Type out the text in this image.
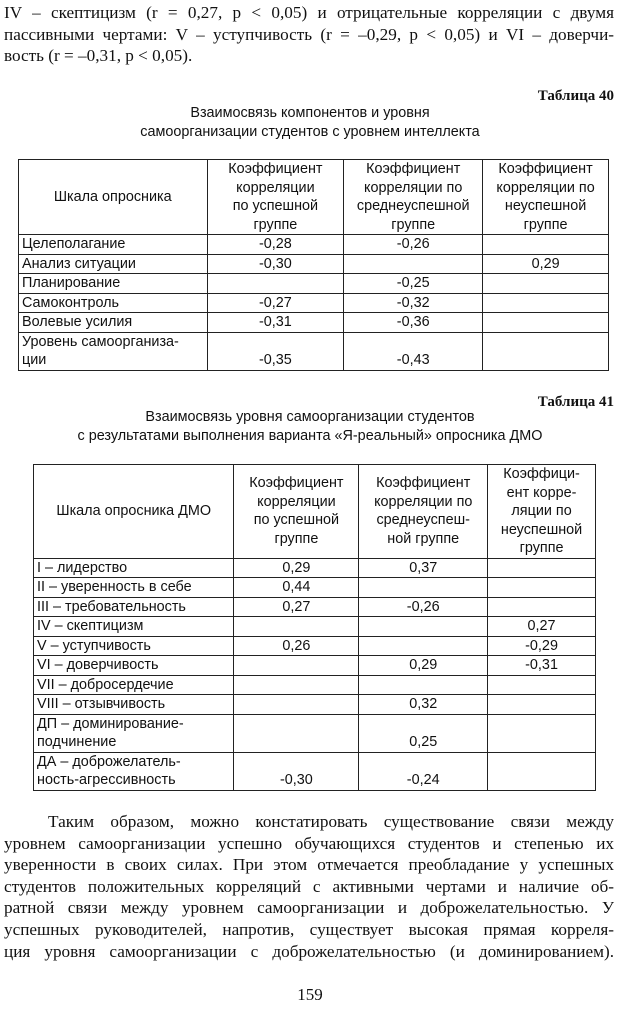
IV – скептицизм (r = 0,27, p < 0,05) и отрицательные корреляции с двумя
пассивными чертами: V – уступчивость (r = –0,29, p < 0,05) и VI – доверчи-
вость (r = –0,31, p < 0,05).
Таблица 40
Взаимосвязь компонентов и уровня
самоорганизации студентов с уровнем интеллекта
Шкала опросника	Коэффициент
корреляции
по успешной
группе	Коэффициент
корреляции по
среднеуспешной
группе	Коэффициент
корреляции по
неуспешной
группе

Целеполагание	-0,28	-0,26	
Анализ ситуации	-0,30		0,29
Планирование		-0,25	
Самоконтроль	-0,27	-0,32	
Волевые усилия	-0,31	-0,36	
Уровень самоорганиза-
ции	-0,35	-0,43	
Таблица 41
Взаимосвязь уровня самоорганизации студентов
с результатами выполнения варианта «Я-реальный» опросника ДМО
Шкала опросника ДМО	Коэффициент
корреляции
по успешной
группе	Коэффициент
корреляции по
среднеуспеш-
ной группе	Коэффици-
ент корре-
ляции по
неуспешной
группе

I – лидерство	0,29	0,37	
II – уверенность в себе	0,44		
III – требовательность	0,27	-0,26	
IV – скептицизм			0,27
V – уступчивость	0,26		-0,29
VI – доверчивость		0,29	-0,31
VII – добросердечие			
VIII – отзывчивость		0,32	
ДП – доминирование-
подчинение		0,25	
ДА – доброжелатель-
ность-агрессивность	-0,30	-0,24	
Таким образом, можно констатировать существование связи между
уровнем самоорганизации успешно обучающихся студентов и степенью их
уверенности в своих силах. При этом отмечается преобладание у успешных
студентов положительных корреляций с активными чертами и наличие об-
ратной связи между уровнем самоорганизации и доброжелательностью. У
успешных руководителей, напротив, существует высокая прямая корреля-
ция уровня самоорганизации с доброжелательностью (и доминированием).
159
